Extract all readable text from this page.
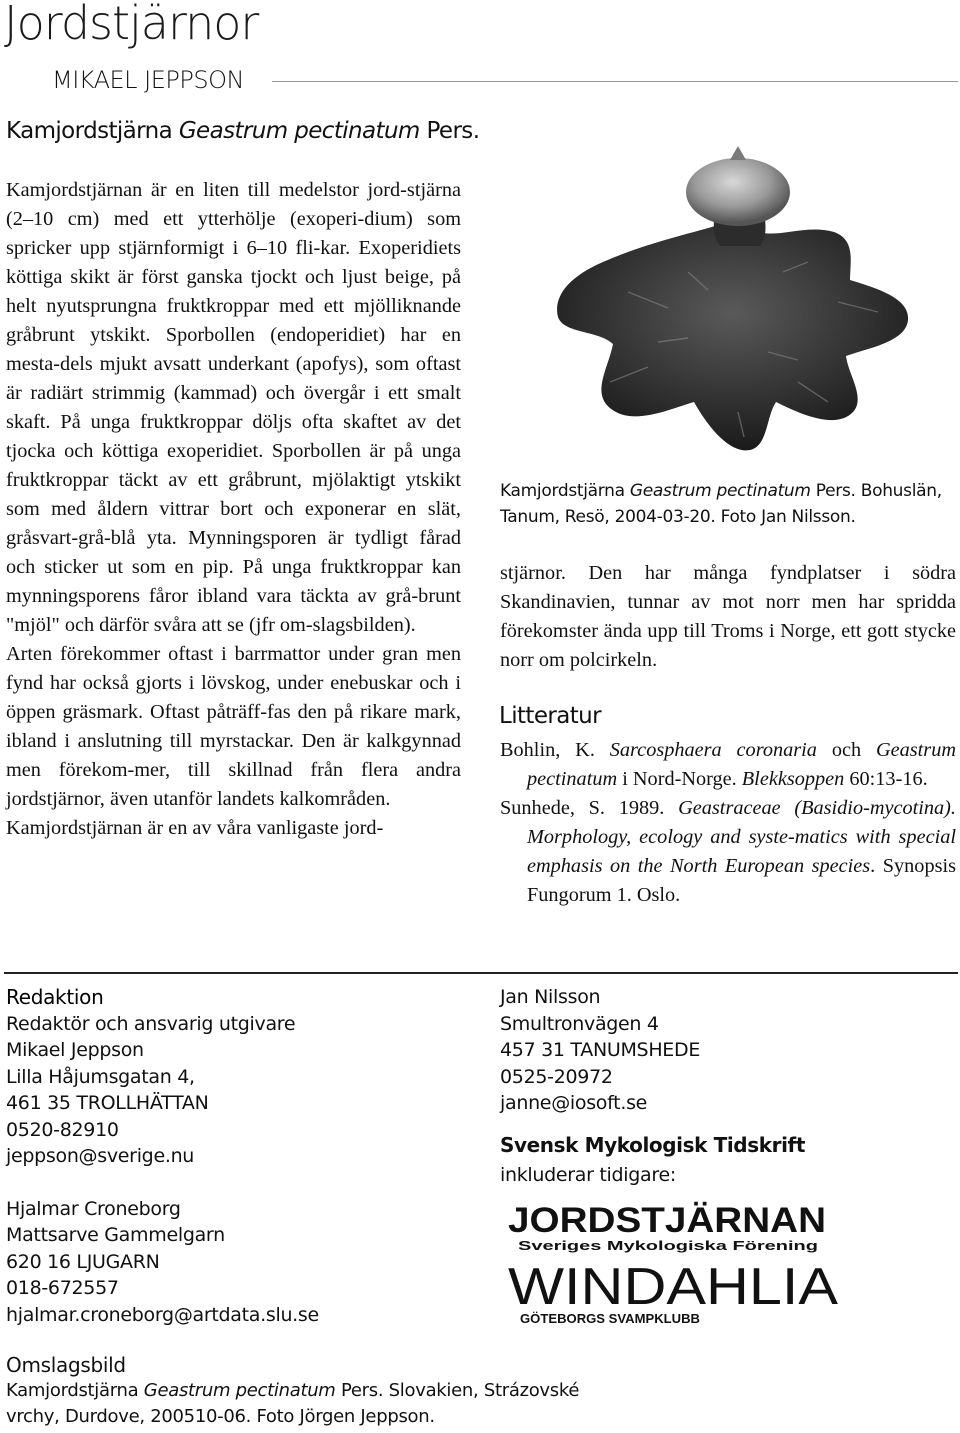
Jordstjärnor
MIKAEL JEPPSON
Kamjordstjärna Geastrum pectinatum Pers.

Kamjordstjärnan är en liten till medelstor jord-stjärna (2–10 cm) med ett ytterhölje (exoperi-dium) som spricker upp stjärnformigt i 6–10 fli-kar. Exoperidiets köttiga skikt är först ganska tjockt och ljust beige, på helt nyutsprungna fruktkroppar med ett mjölliknande gråbrunt ytskikt. Sporbollen (endoperidiet) har en mesta-dels mjukt avsatt underkant (apofys), som oftast är radiärt strimmig (kammad) och övergår i ett smalt skaft. På unga fruktkroppar döljs ofta skaftet av det tjocka och köttiga exoperidiet. Sporbollen är på unga fruktkroppar täckt av ett gråbrunt, mjölaktigt ytskikt som med åldern vittrar bort och exponerar en slät, gråsvart-grå-blå yta. Mynningsporen är tydligt fårad och sticker ut som en pip. På unga fruktkroppar kan mynningsporens fåror ibland vara täckta av grå-brunt "mjöl" och därför svåra att se (jfr om-slagsbilden).

Arten förekommer oftast i barrmattor under gran men fynd har också gjorts i lövskog, under enebuskar och i öppen gräsmark. Oftast påträff-fas den på rikare mark, ibland i anslutning till myrstackar. Den är kalkgynnad men förekom-mer, till skillnad från flera andra jordstjärnor, även utanför landets kalkområden.

Kamjordstjärnan är en av våra vanligaste jord-

Kamjordstjärna Geastrum pectinatum Pers. Bohuslän, Tanum, Resö, 2004-03-20. Foto Jan Nilsson.

stjärnor. Den har många fyndplatser i södra Skandinavien, tunnar av mot norr men har spridda förekomster ända upp till Troms i Norge, ett gott stycke norr om polcirkeln.

Litteratur
Bohlin, K. Sarcosphaera coronaria och Geastrum pectinatum i Nord-Norge. Blekksoppen 60:13-16.
Sunhede, S. 1989. Geastraceae (Basidio-mycotina). Morphology, ecology and syste-matics with special emphasis on the North European species. Synopsis Fungorum 1. Oslo.
Redaktion
Redaktör och ansvarig utgivare
Mikael Jeppson
Lilla Håjumsgatan 4,
461 35 TROLLHÄTTAN
0520-82910
jeppson@sverige.nu
Hjalmar Croneborg
Mattsarve Gammelgarn
620 16 LJUGARN
018-672557
hjalmar.croneborg@artdata.slu.se
Jan Nilsson
Smultronvägen 4
457 31 TANUMSHEDE
0525-20972
janne@iosoft.se
Svensk Mykologisk Tidskrift
inkluderar tidigare:
JORDSTJÄRNAN
Sveriges Mykologiska Förening
WINDAHLIA
GÖTEBORGS SVAMPKLUBB
Omslagsbild
Kamjordstjärna Geastrum pectinatum Pers. Slovakien, Strázovské vrchy, Durdove, 200510-06. Foto Jörgen Jeppson.
